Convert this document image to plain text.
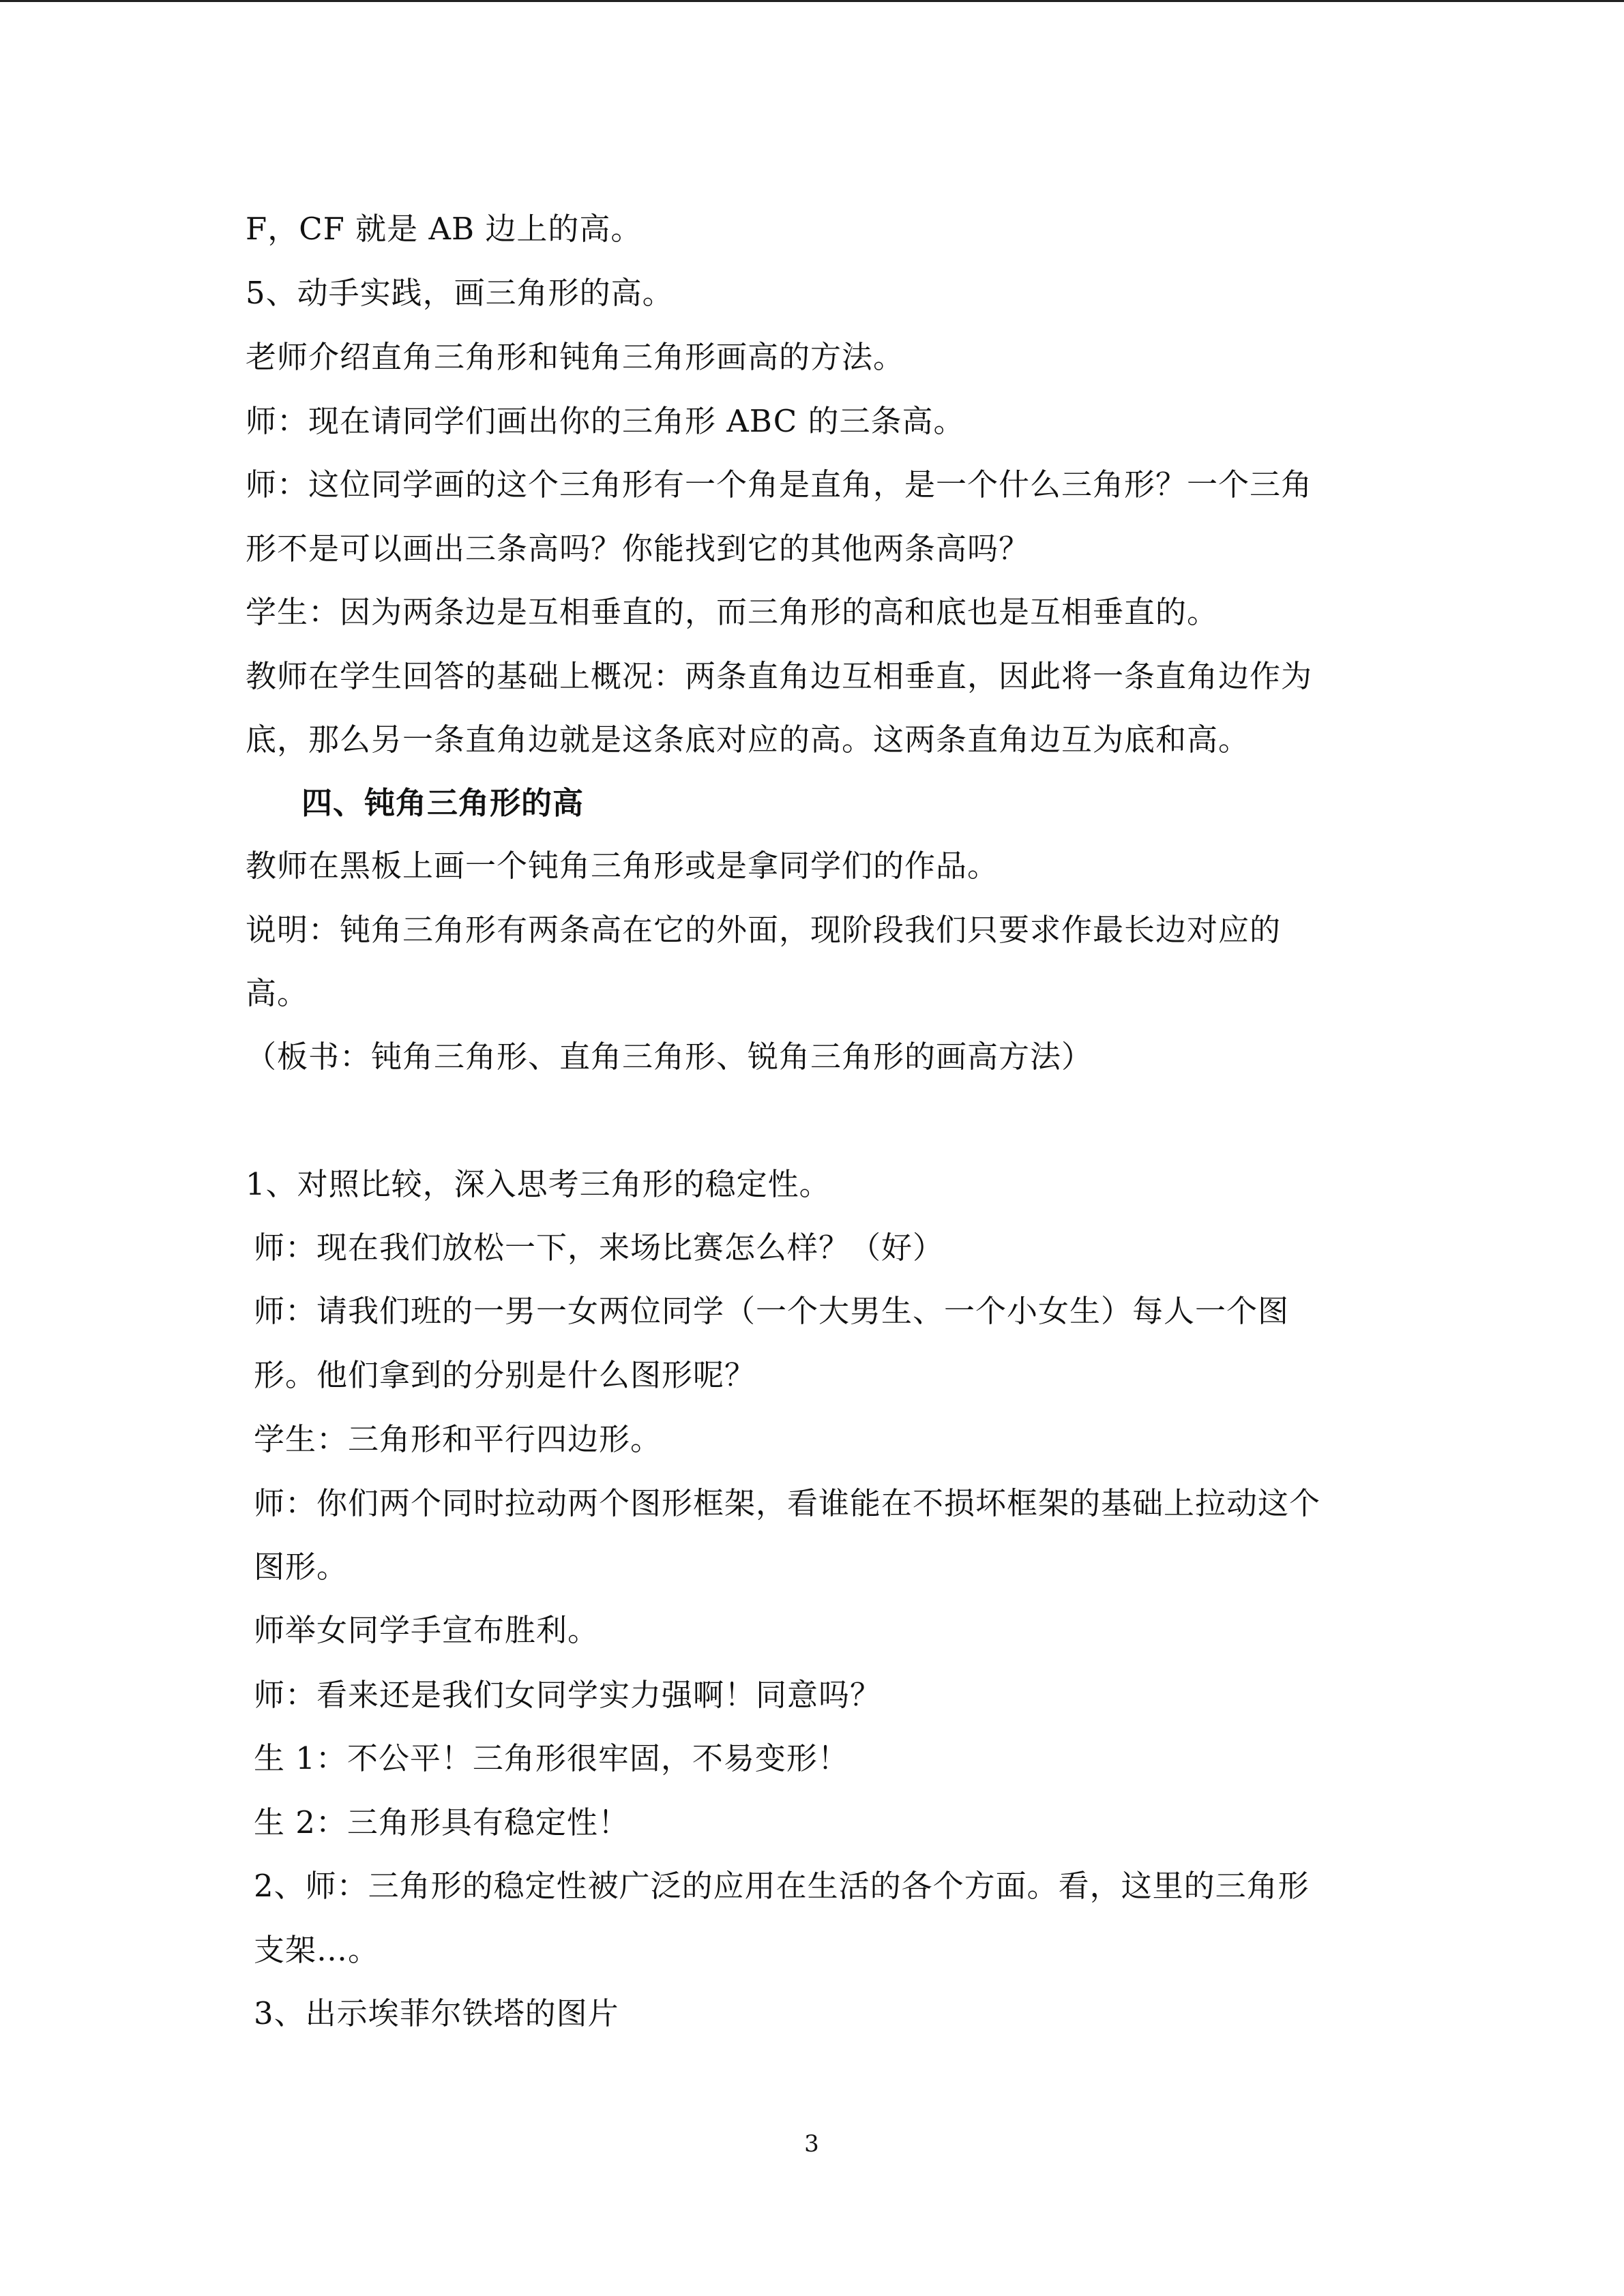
F，CF 就是 AB 边上的高。
5、动手实践，画三角形的高。
老师介绍直角三角形和钝角三角形画高的方法。
师：现在请同学们画出你的三角形 ABC 的三条高。
师：这位同学画的这个三角形有一个角是直角，是一个什么三角形？一个三角
形不是可以画出三条高吗？你能找到它的其他两条高吗？
学生：因为两条边是互相垂直的，而三角形的高和底也是互相垂直的。
教师在学生回答的基础上概况：两条直角边互相垂直，因此将一条直角边作为
底，那么另一条直角边就是这条底对应的高。这两条直角边互为底和高。
四、钝角三角形的高
教师在黑板上画一个钝角三角形或是拿同学们的作品。
说明：钝角三角形有两条高在它的外面，现阶段我们只要求作最长边对应的
高。
（板书：钝角三角形、直角三角形、锐角三角形的画高方法）
1、对照比较，深入思考三角形的稳定性。
师：现在我们放松一下，来场比赛怎么样？（好）
师：请我们班的一男一女两位同学（一个大男生、一个小女生）每人一个图
形。他们拿到的分别是什么图形呢？
学生：三角形和平行四边形。
师：你们两个同时拉动两个图形框架，看谁能在不损坏框架的基础上拉动这个
图形。
师举女同学手宣布胜利。
师：看来还是我们女同学实力强啊！同意吗？
生 1：不公平！三角形很牢固，不易变形！
生 2：三角形具有稳定性！
2、师：三角形的稳定性被广泛的应用在生活的各个方面。看，这里的三角形
支架…。
3、出示埃菲尔铁塔的图片
3
